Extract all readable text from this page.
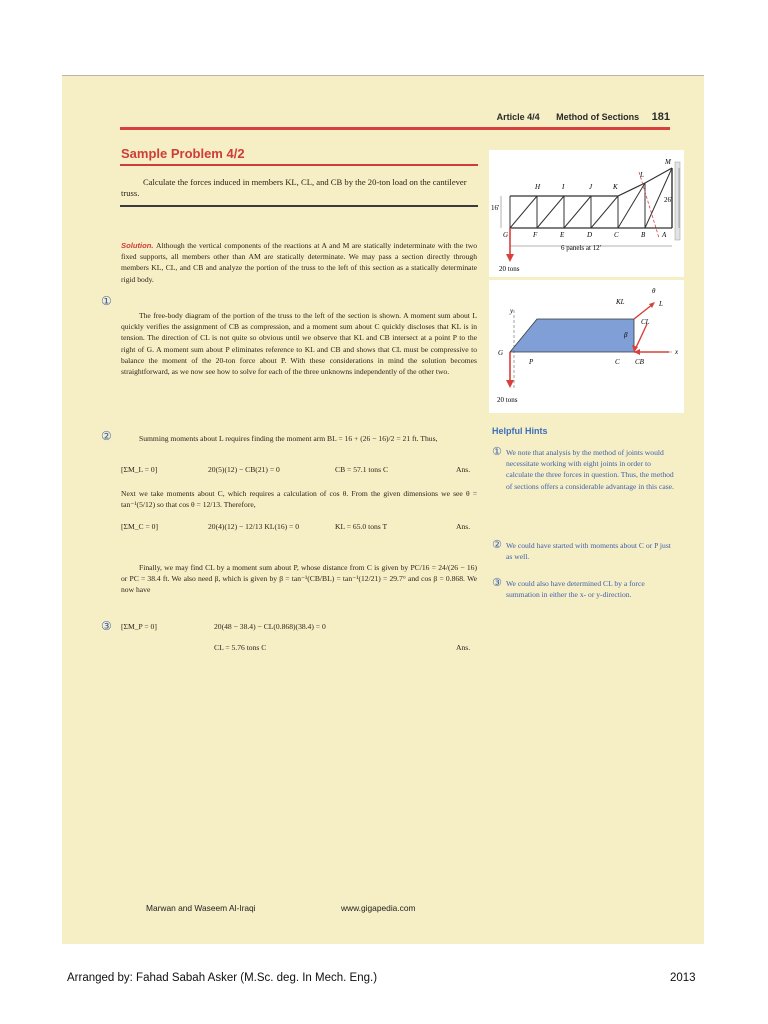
Article 4/4 Method of Sections 181
Sample Problem 4/2

Calculate the forces induced in members KL, CL, and CB by the 20-ton load on the cantilever truss.

Solution. Although the vertical components of the reactions at A and M are statically indeterminate with the two fixed supports, all members other than AM are statically determinate. We may pass a section directly through members KL, CL, and CB and analyze the portion of the truss to the left of this section as a statically determinate rigid body.

①

The free-body diagram of the portion of the truss to the left of the section is shown. A moment sum about L quickly verifies the assignment of CB as compression, and a moment sum about C quickly discloses that KL is in tension. The direction of CL is not quite so obvious until we observe that KL and CB intersect at a point P to the right of G. A moment sum about P eliminates reference to KL and CB and shows that CL must be compressive to balance the moment of the 20-ton force about P. With these considerations in mind the solution becomes straightforward, as we now see how to solve for each of the three unknowns independently of the other two.

②	Summing moments about L requires finding the moment arm BL = 16 + (26 − 16)/2 = 21 ft. Thus,

[ΣM_L = 0]	20(5)(12) − CB(21) = 0	CB = 57.1 tons C	Ans.

Next we take moments about C, which requires a calculation of cos θ. From the given dimensions we see θ = tan⁻¹(5/12) so that cos θ = 12/13. Therefore,

[ΣM_C = 0]	20(4)(12) − 12/13 KL(16) = 0	KL = 65.0 tons T	Ans.

Finally, we may find CL by a moment sum about P, whose distance from C is given by PC/16 = 24/(26 − 16) or PC = 38.4 ft. We also need β, which is given by β = tan⁻¹(CB/BL) = tan⁻¹(12/21) = 29.7° and cos β = 0.868. We now have

③ [ΣM_P = 0]	20(48 − 38.4) − CL(0.868)(38.4) = 0
CL = 5.76 tons C	Ans.
H	I	J	K
L
M
G	F	E	D	C	B A
16'
26'
6 panels at 12'
20 tons
θ
KL	L
CL
β
y
x
G
P	C CB
20 tons
Helpful Hints

① We note that analysis by the method of joints would necessitate working with eight joints in order to calculate the three forces in question. Thus, the method of sections offers a considerable advantage in this case.

② We could have started with moments about C or P just as well.

③ We could also have determined CL by a force summation in either the x- or y-direction.

Marwan and Waseem Al-Iraqi	www.gigapedia.com
Arranged by: Fahad Sabah Asker (M.Sc. deg. In Mech. Eng.)	2013
